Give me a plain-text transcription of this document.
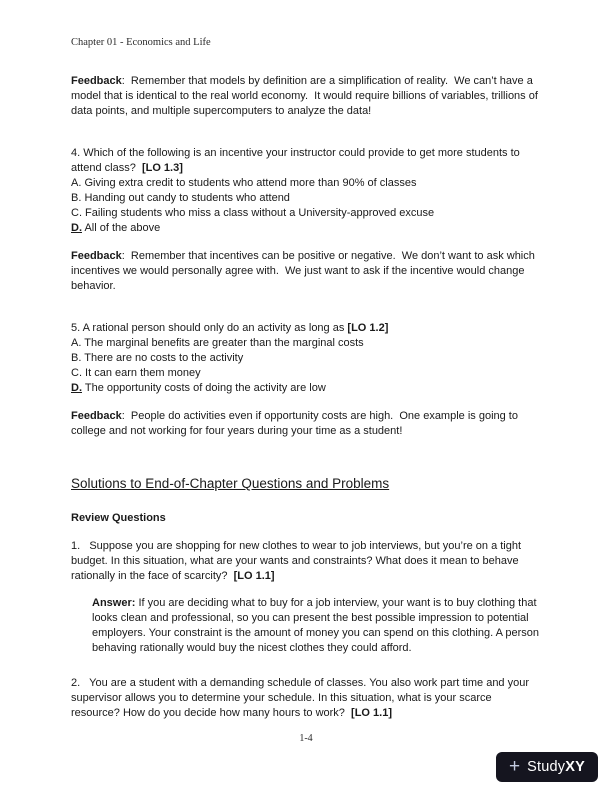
Chapter 01 - Economics and Life

Feedback:  Remember that models by definition are a simplification of reality.  We can’t have a model that is identical to the real world economy.  It would require billions of variables, trillions of data points, and multiple supercomputers to analyze the data!

4. Which of the following is an incentive your instructor could provide to get more students to attend class?  [LO 1.3]

A. Giving extra credit to students who attend more than 90% of classes

B. Handing out candy to students who attend

C. Failing students who miss a class without a University-approved excuse

D. All of the above

Feedback:  Remember that incentives can be positive or negative.  We don’t want to ask which incentives we would personally agree with.  We just want to ask if the incentive would change behavior.

5. A rational person should only do an activity as long as [LO 1.2]

A. The marginal benefits are greater than the marginal costs

B. There are no costs to the activity

C. It can earn them money

D. The opportunity costs of doing the activity are low

Feedback:  People do activities even if opportunity costs are high.  One example is going to college and not working for four years during your time as a student!

Solutions to End-of-Chapter Questions and Problems

Review Questions

1.   Suppose you are shopping for new clothes to wear to job interviews, but you’re on a tight budget. In this situation, what are your wants and constraints? What does it mean to behave rationally in the face of scarcity?  [LO 1.1]

Answer: If you are deciding what to buy for a job interview, your want is to buy clothing that looks clean and professional, so you can present the best possible impression to potential employers. Your constraint is the amount of money you can spend on this clothing. A person behaving rationally would buy the nicest clothes they could afford.

2.   You are a student with a demanding schedule of classes. You also work part time and your supervisor allows you to determine your schedule. In this situation, what is your scarce resource? How do you decide how many hours to work?  [LO 1.1]

1-4
+ StudyXY
